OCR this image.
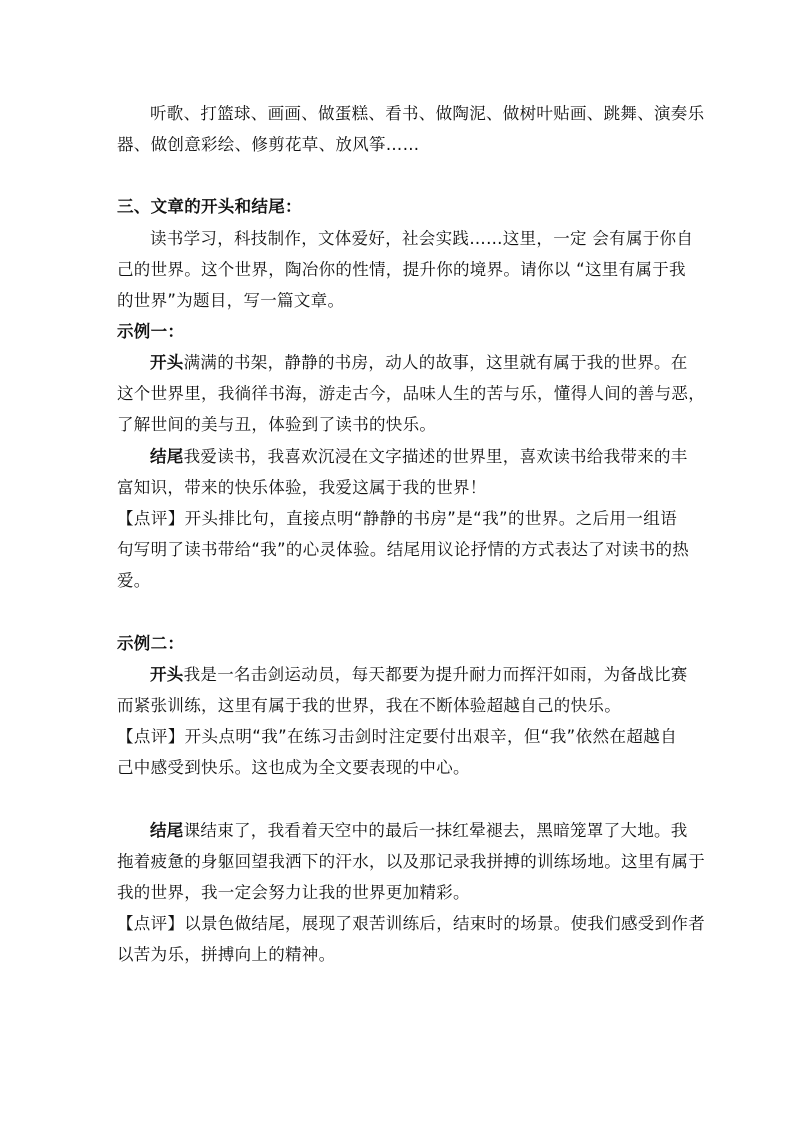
听歌、打篮球、画画、做蛋糕、看书、做陶泥、做树叶贴画、跳舞、演奏乐
器、做创意彩绘、修剪花草、放风筝……
三、文章的开头和结尾：
读书学习，科技制作，文体爱好，社会实践……这里，一定 会有属于你自
己的世界。这个世界，陶冶你的性情，提升你的境界。请你以 “这里有属于我
的世界”为题目，写一篇文章。
示例一：
开头满满的书架，静静的书房，动人的故事，这里就有属于我的世界。在
这个世界里，我徜徉书海，游走古今，品味人生的苦与乐，懂得人间的善与恶，
了解世间的美与丑，体验到了读书的快乐。
结尾我爱读书，我喜欢沉浸在文字描述的世界里，喜欢读书给我带来的丰
富知识，带来的快乐体验，我爱这属于我的世界！
【点评】开头排比句，直接点明“静静的书房”是“我”的世界。之后用一组语
句写明了读书带给“我”的心灵体验。结尾用议论抒情的方式表达了对读书的热
爱。
示例二：
开头我是一名击剑运动员，每天都要为提升耐力而挥汗如雨，为备战比赛
而紧张训练，这里有属于我的世界，我在不断体验超越自己的快乐。
【点评】开头点明“我”在练习击剑时注定要付出艰辛，但“我”依然在超越自
己中感受到快乐。这也成为全文要表现的中心。
结尾课结束了，我看着天空中的最后一抹红晕褪去，黑暗笼罩了大地。我
拖着疲惫的身躯回望我洒下的汗水，以及那记录我拼搏的训练场地。这里有属于
我的世界，我一定会努力让我的世界更加精彩。
【点评】以景色做结尾，展现了艰苦训练后，结束时的场景。使我们感受到作者
以苦为乐，拼搏向上的精神。
